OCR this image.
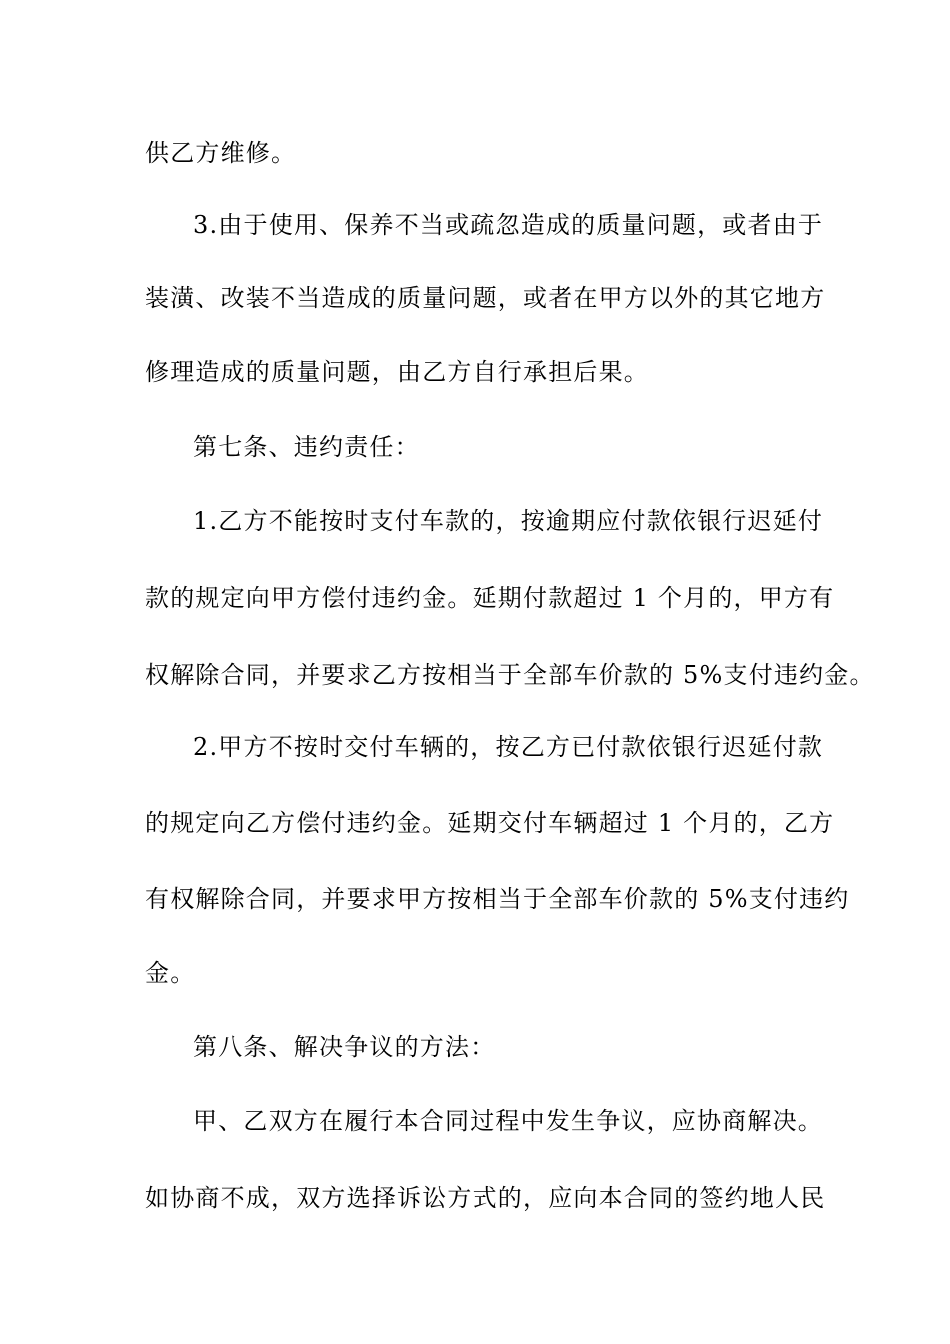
供乙方维修。
3.由于使用、保养不当或疏忽造成的质量问题，或者由于
装潢、改装不当造成的质量问题，或者在甲方以外的其它地方
修理造成的质量问题，由乙方自行承担后果。
第七条、违约责任：
1.乙方不能按时支付车款的，按逾期应付款依银行迟延付
款的规定向甲方偿付违约金。延期付款超过 1 个月的，甲方有
权解除合同，并要求乙方按相当于全部车价款的 5%支付违约金。
2.甲方不按时交付车辆的，按乙方已付款依银行迟延付款
的规定向乙方偿付违约金。延期交付车辆超过 1 个月的，乙方
有权解除合同，并要求甲方按相当于全部车价款的 5%支付违约
金。
第八条、解决争议的方法：
甲、乙双方在履行本合同过程中发生争议，应协商解决。
如协商不成，双方选择诉讼方式的，应向本合同的签约地人民
